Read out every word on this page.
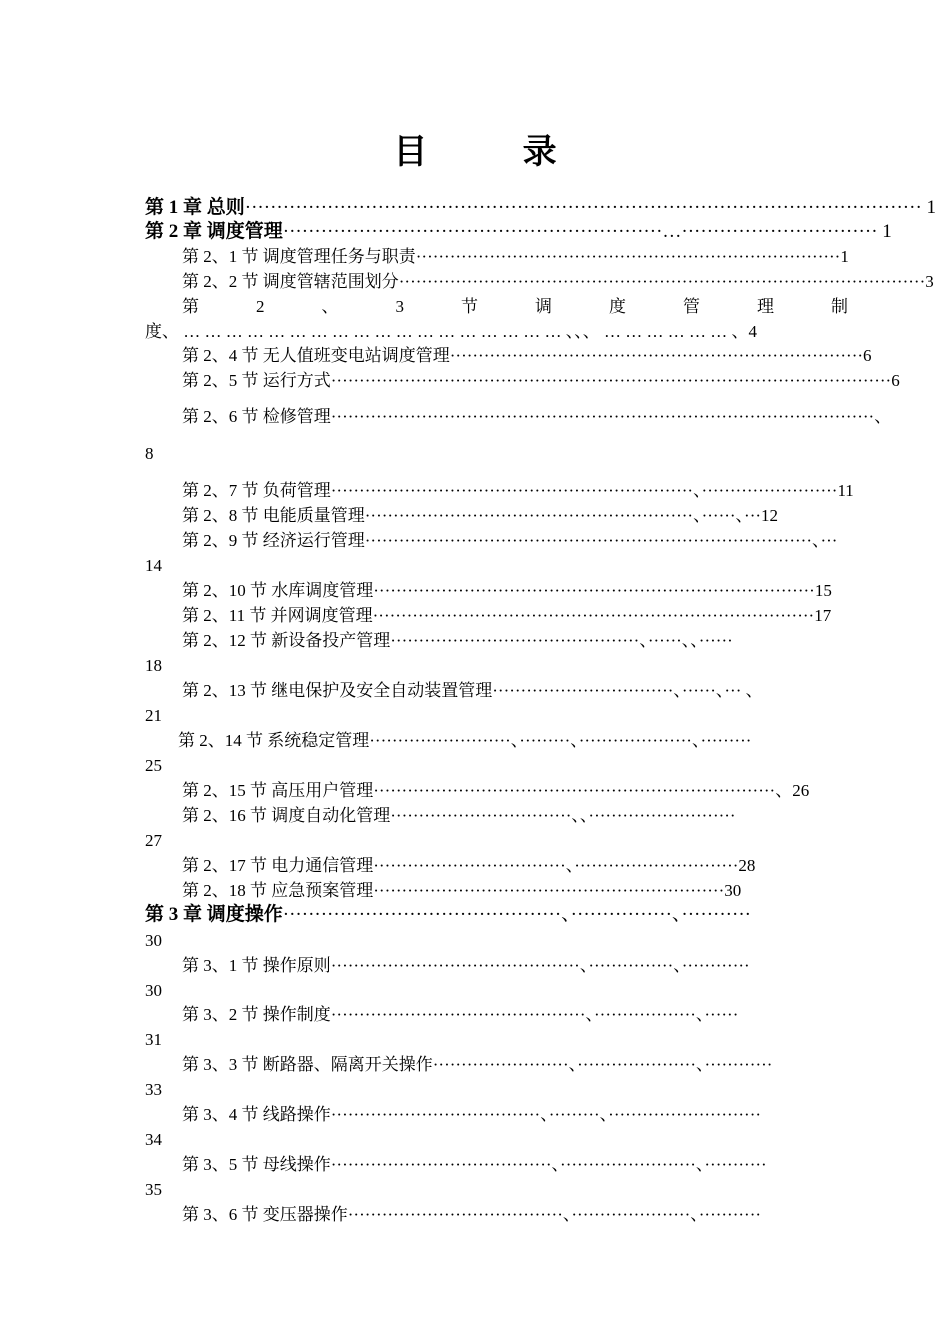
目　录
第 1 章 总则··········································································································· 1
第 2 章 调度管理····························································…······························· 1
第 2、1 节 调度管理任务与职责···········································································1
第 2、2 节 调度管辖范围划分·····························································································3
第	2	、	3	节	调	度	管	理	制
度、 … … … … … … … … … … … … … … … … … … 、、、 … … … … … … 、4
第 2、4 节 无人值班变电站调度管理·········································································6
第 2、5 节 运行方式···································································································6
第 2、6 节 检修管理································································································、
8
第 2、7 节 负荷管理································································、························11
第 2、8 节 电能质量管理··························································、······、···12
第 2、9 节 经济运行管理···············································································、···
14
第 2、10 节 水库调度管理··············································································15
第 2、11 节 并网调度管理··············································································17
第 2、12 节 新设备投产管理············································、······、、······
18
第 2、13 节 继电保护及安全自动装置管理································、······、··· 、
21
第 2、14 节 系统稳定管理·························、·········、····················、·········
25
第 2、15 节 高压用户管理·······································································、26
第 2、16 节 调度自动化管理································、、··························
27
第 2、17 节 电力通信管理··································、·····························28
第 2、18 节 应急预案管理······························································30
第 3 章 调度操作············································、················、···········
30
第 3、1 节 操作原则············································、···············、············
30
第 3、2 节 操作制度·············································、··················、······
31
第 3、3 节 断路器、隔离开关操作························、·····················、············
33
第 3、4 节 线路操作·····································、·········、···························
34
第 3、5 节 母线操作·······································、························、···········
35
第 3、6 节 变压器操作······································、·····················、···········
